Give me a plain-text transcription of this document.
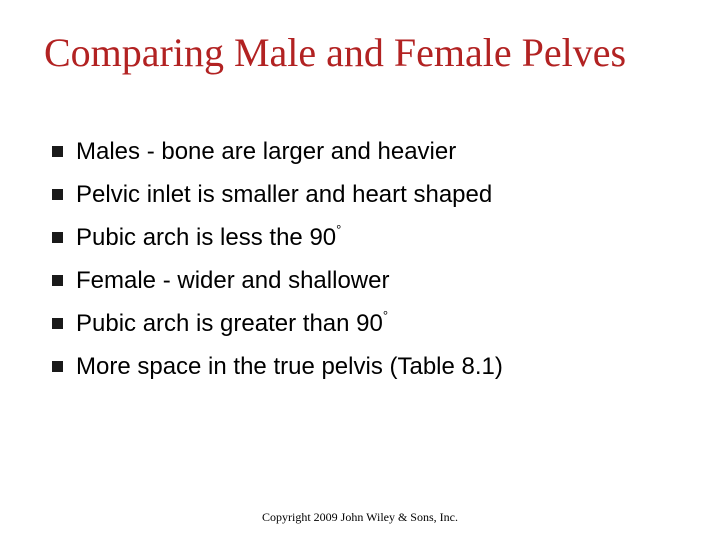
Comparing Male and Female Pelves
Males - bone are larger and heavier
Pelvic inlet is smaller and heart shaped
Pubic arch is less the 90°
Female - wider and shallower
Pubic arch is greater than 90°
More space in the true pelvis (Table 8.1)
Copyright 2009 John Wiley & Sons, Inc.
